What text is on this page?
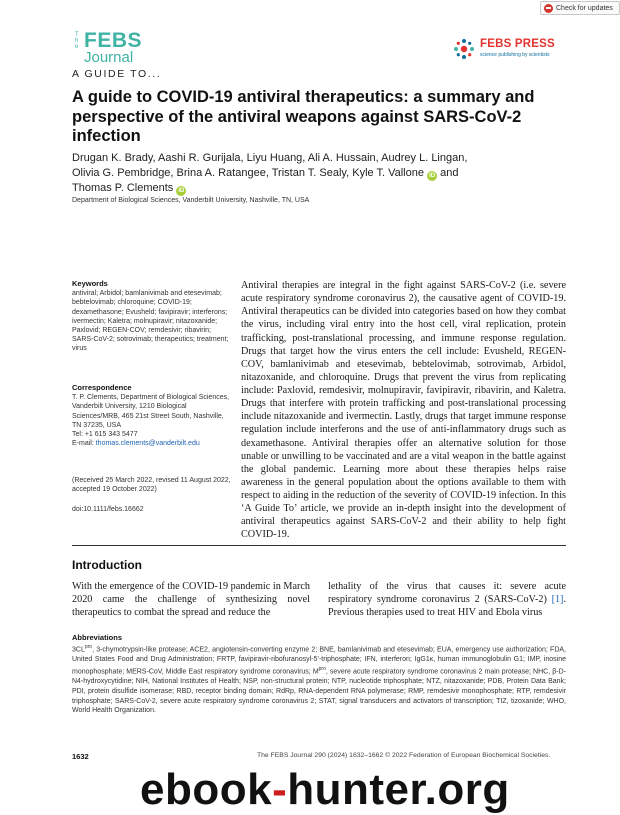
Check for updates
The FEBS
Journal
A GUIDE TO...
FEBS PRESS
science publishing by scientists
A guide to COVID-19 antiviral therapeutics: a summary and perspective of the antiviral weapons against SARS-CoV-2 infection
Drugan K. Brady, Aashi R. Gurijala, Liyu Huang, Ali A. Hussain, Audrey L. Lingan,
Olivia G. Pembridge, Brina A. Ratangee, Tristan T. Sealy, Kyle T. Vallone iD and
Thomas P. Clements iD
Department of Biological Sciences, Vanderbilt University, Nashville, TN, USA
Keywords
antiviral; Arbidol; bamlanivimab and etesevimab; bebtelovimab; chloroquine; COVID-19; dexamethasone; Evusheld; favipiravir; interferons; ivermectin; Kaletra; molnupiravir; nitazoxanide; Paxlovid; REGEN-COV; remdesivir; ribavirin; SARS-CoV-2; sotrovimab; therapeutics; treatment; virus
Correspondence
T. P. Clements, Department of Biological Sciences, Vanderbilt University, 1210 Biological Sciences/MRB, 465 21st Street South, Nashville, TN 37235, USA
Tel: +1 615 343 5477
E-mail: thomas.clements@vanderbilt.edu
(Received 25 March 2022, revised 11 August 2022, accepted 19 October 2022)
doi:10.1111/febs.16662
Antiviral therapies are integral in the fight against SARS-CoV-2 (i.e. severe acute respiratory syndrome coronavirus 2), the causative agent of COVID-19. Antiviral therapeutics can be divided into categories based on how they combat the virus, including viral entry into the host cell, viral replication, protein trafficking, post-translational processing, and immune response regulation. Drugs that target how the virus enters the cell include: Evusheld, REGEN-COV, bamlanivimab and etesevimab, bebtelovimab, sotrovimab, Arbidol, nitazoxanide, and chloroquine. Drugs that prevent the virus from replicating include: Paxlovid, remdesivir, molnupiravir, favipiravir, ribavirin, and Kaletra. Drugs that interfere with protein trafficking and post-translational processing include nitazoxanide and ivermectin. Lastly, drugs that target immune response regulation include interferons and the use of anti-inflammatory drugs such as dexamethasone. Antiviral therapies offer an alternative solution for those unable or unwilling to be vaccinated and are a vital weapon in the battle against the global pandemic. Learning more about these therapies helps raise awareness in the general population about the options available to them with respect to aiding in the reduction of the severity of COVID-19 infection. In this ‘A Guide To’ article, we provide an in-depth insight into the development of antiviral therapeutics against SARS-CoV-2 and their ability to help fight COVID-19.
Introduction
With the emergence of the COVID-19 pandemic in March 2020 came the challenge of synthesizing novel therapeutics to combat the spread and reduce the
lethality of the virus that causes it: severe acute respiratory syndrome coronavirus 2 (SARS-CoV-2) [1]. Previous therapies used to treat HIV and Ebola virus
Abbreviations
$3CL^{pro}$, 3-chymotrypsin-like protease; ACE2, angiotensin-converting enzyme 2; BNE, bamlanivimab and etesevimab; EUA, emergency use authorization; FDA, United States Food and Drug Administration; FRTP, favipiravir-ribofuranosyl-5’-triphosphate; IFN, interferon; IgG1κ, human immunoglobulin G1; IMP, inosine monophosphate; MERS-CoV, Middle East respiratory syndrome coronavirus; $M^{pro}$, severe acute respiratory syndrome coronavirus 2 main protease; NHC, β-D-N4-hydroxycytidine; NIH, National Institutes of Health; NSP, non-structural protein; NTP, nucleotide triphosphate; NTZ, nitazoxanide; PDB, Protein Data Bank; PDI, protein disulfide isomerase; RBD, receptor binding domain; RdRp, RNA-dependent RNA polymerase; RMP, remdesivir monophosphate; RTP, remdesivir triphosphate; SARS-CoV-2, severe acute respiratory syndrome coronavirus 2; STAT, signal transducers and activators of transcription; TIZ, tizoxanide; WHO, World Health Organization.
1632	The FEBS Journal 290 (2024) 1632–1662 © 2022 Federation of European Biochemical Societies.
ebook-hunter.org
